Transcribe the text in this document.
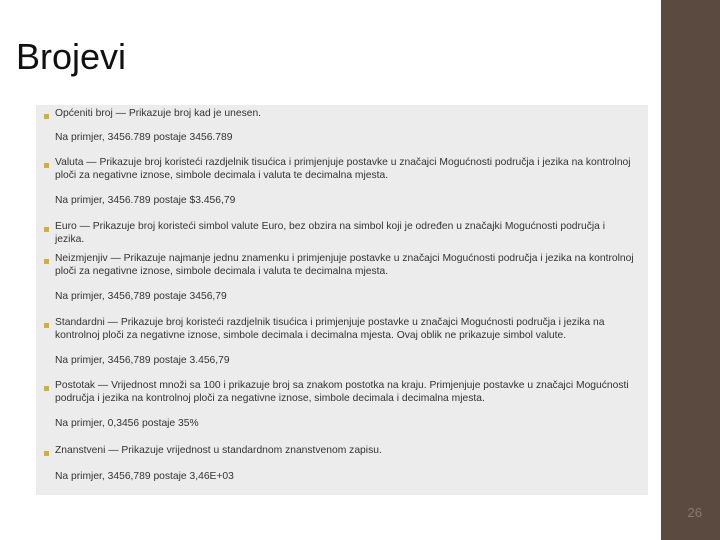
26
Brojevi
Općeniti broj — Prikazuje broj kad je unesen.
Na primjer, 3456.789 postaje 3456.789
Valuta — Prikazuje broj koristeći razdjelnik tisućica i primjenjuje postavke u značajci Mogućnosti područja i jezika na kontrolnoj ploči za negativne iznose, simbole decimala i valuta te decimalna mjesta.
Na primjer, 3456.789 postaje $3.456,79
Euro — Prikazuje broj koristeći simbol valute Euro, bez obzira na simbol koji je određen u značajki Mogućnosti područja i jezika.
Neizmjenjiv — Prikazuje najmanje jednu znamenku i primjenjuje postavke u značajci Mogućnosti područja i jezika na kontrolnoj ploči za negativne iznose, simbole decimala i valuta te decimalna mjesta.
Na primjer, 3456,789 postaje 3456,79
Standardni — Prikazuje broj koristeći razdjelnik tisućica i primjenjuje postavke u značajci Mogućnosti područja i jezika na kontrolnoj ploči za negativne iznose, simbole decimala i decimalna mjesta. Ovaj oblik ne prikazuje simbol valute.
Na primjer, 3456,789 postaje 3.456,79
Postotak — Vrijednost množi sa 100 i prikazuje broj sa znakom postotka na kraju. Primjenjuje postavke u značajci Mogućnosti područja i jezika na kontrolnoj ploči za negativne iznose, simbole decimala i decimalna mjesta.
Na primjer, 0,3456 postaje 35%
Znanstveni — Prikazuje vrijednost u standardnom znanstvenom zapisu.
Na primjer, 3456,789 postaje 3,46E+03
